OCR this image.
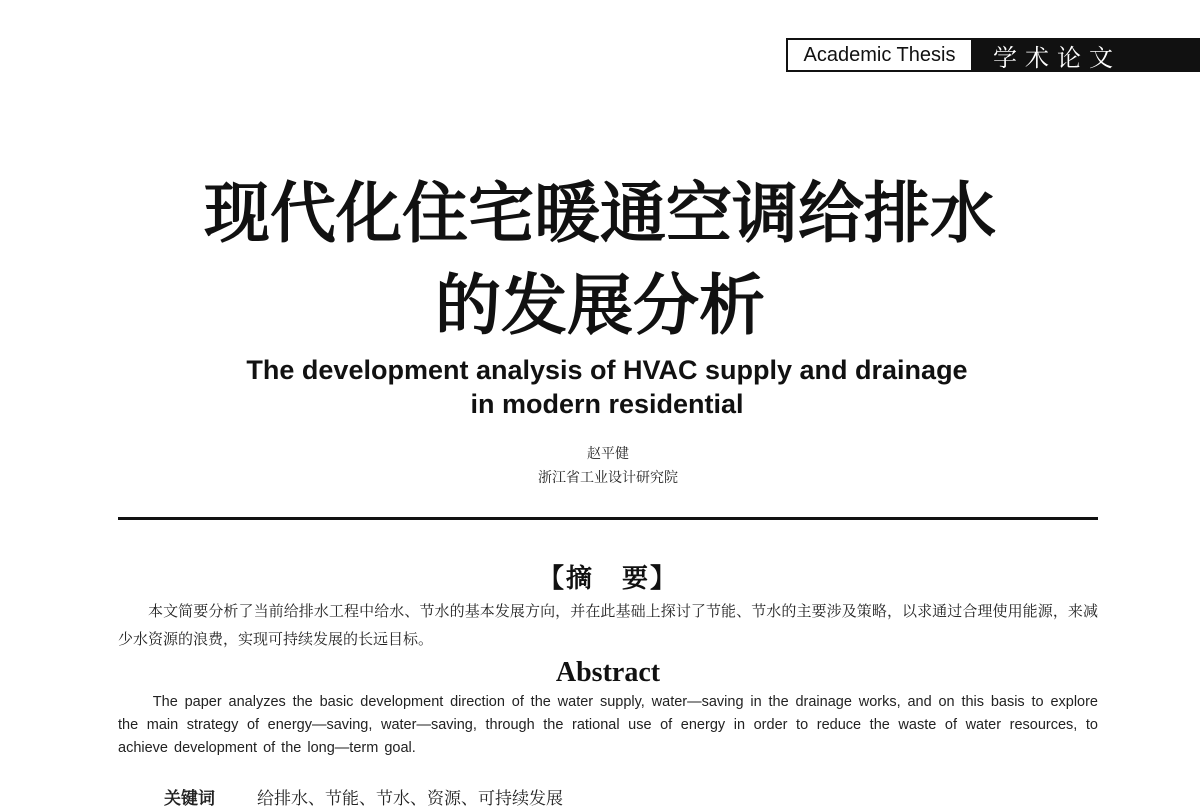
Academic Thesis	学术论文
现代化住宅暖通空调给排水
的发展分析
The development analysis of HVAC supply and drainage
in modern residential
赵平健
浙江省工业设计研究院
【摘　要】
本文简要分析了当前给排水工程中给水、节水的基本发展方向，并在此基础上探讨了节能、节水的主要涉及策略，以求通过合理使用能源，来减少水资源的浪费，实现可持续发展的长远目标。
Abstract
The paper analyzes the basic development direction of the water supply, water—saving in the drainage works, and on this basis to explore the main strategy of energy—saving, water—saving, through the rational use of energy in order to reduce the waste of water resources, to achieve development of the long—term goal.
关键词 给排水、节能、节水、资源、可持续发展
